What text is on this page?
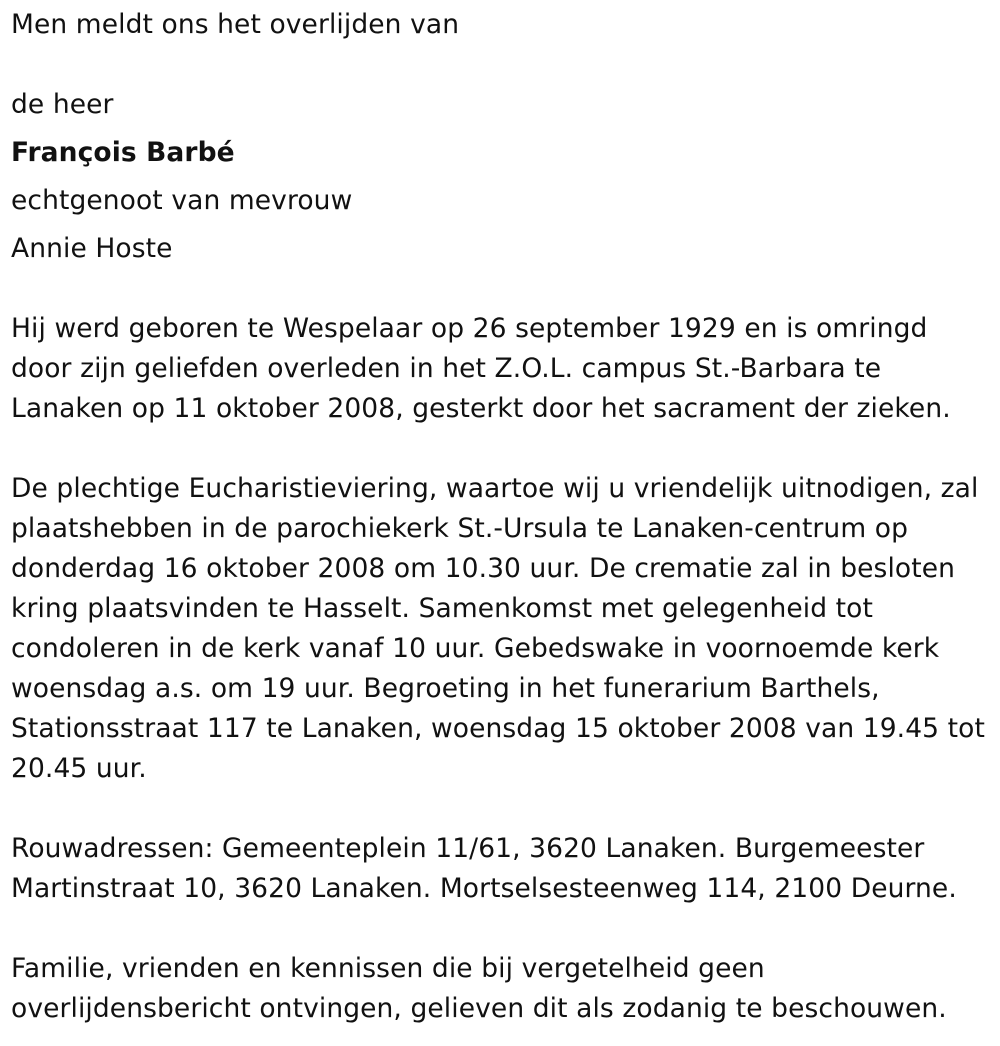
Men meldt ons het overlijden van
de heer
François Barbé
echtgenoot van mevrouw
Annie Hoste
Hij werd geboren te Wespelaar op 26 september 1929 en is omringd
door zijn geliefden overleden in het Z.O.L. campus St.-Barbara te
Lanaken op 11 oktober 2008, gesterkt door het sacrament der zieken.
De plechtige Eucharistieviering, waartoe wij u vriendelijk uitnodigen, zal
plaatshebben in de parochiekerk St.-Ursula te Lanaken-centrum op
donderdag 16 oktober 2008 om 10.30 uur. De crematie zal in besloten
kring plaatsvinden te Hasselt. Samenkomst met gelegenheid tot
condoleren in de kerk vanaf 10 uur. Gebedswake in voornoemde kerk
woensdag a.s. om 19 uur. Begroeting in het funerarium Barthels,
Stationsstraat 117 te Lanaken, woensdag 15 oktober 2008 van 19.45 tot
20.45 uur.
Rouwadressen: Gemeenteplein 11/61, 3620 Lanaken. Burgemeester
Martinstraat 10, 3620 Lanaken. Mortselsesteenweg 114, 2100 Deurne.
Familie, vrienden en kennissen die bij vergetelheid geen
overlijdensbericht ontvingen, gelieven dit als zodanig te beschouwen.
